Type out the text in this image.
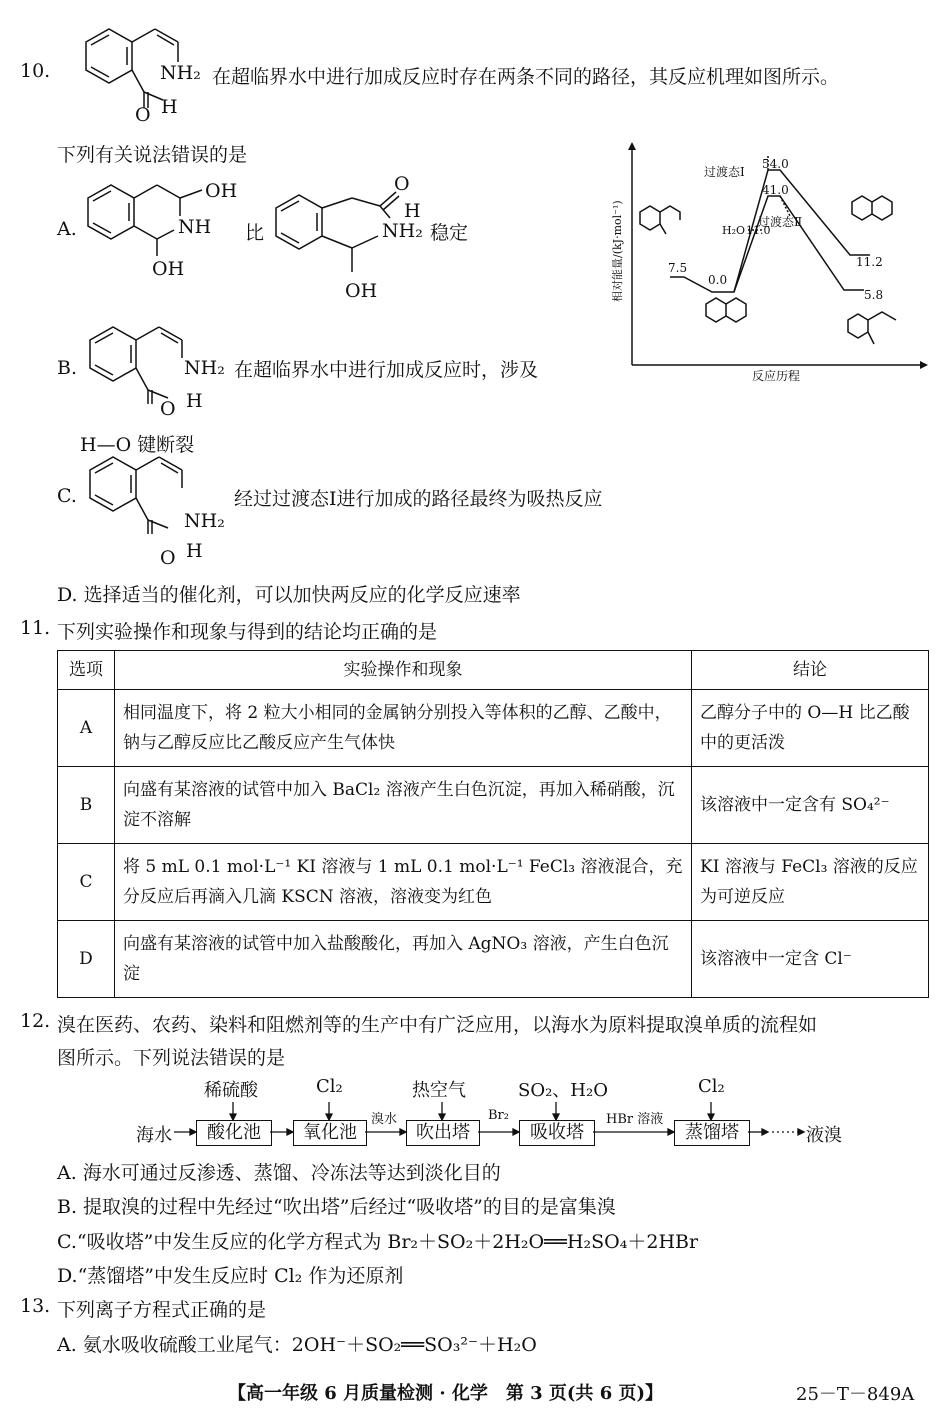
10.	NH₂
O H
在超临界水中进行加成反应时存在两条不同的路径，其反应机理如图所示。
下列有关说法错误的是
A.
OH
NH
OH
比
O
H
NH₂
OH
稳定
B.	NH₂
O H
在超临界水中进行加成反应时，涉及
H—O 键断裂
C.
NH₂
O H
经过过渡态Ⅰ进行加成的路径最终为吸热反应
D. 选择适当的催化剂，可以加快两反应的化学反应速率
相对能量/(kJ·mol⁻¹)
反应历程
过渡态Ⅰ
54.0
41.0
过渡态Ⅱ
H₂O 11.0
7.5
0.0
11.2
5.8
11. 下列实验操作和现象与得到的结论均正确的是
选项	实验操作和现象	结论
A	相同温度下，将 2 粒大小相同的金属钠分别投入等体积的乙醇、乙酸中，钠与乙醇反应比乙酸反应产生气体快	乙醇分子中的 O—H 比乙酸中的更活泼
B	向盛有某溶液的试管中加入 BaCl₂ 溶液产生白色沉淀，再加入稀硝酸，沉淀不溶解	该溶液中一定含有 SO₄²⁻
C	将 5 mL 0.1 mol·L⁻¹ KI 溶液与 1 mL 0.1 mol·L⁻¹ FeCl₃ 溶液混合，充分反应后再滴入几滴 KSCN 溶液，溶液变为红色	KI 溶液与 FeCl₃ 溶液的反应为可逆反应
D	向盛有某溶液的试管中加入盐酸酸化，再加入 AgNO₃ 溶液，产生白色沉淀	该溶液中一定含 Cl⁻
12. 溴在医药、农药、染料和阻燃剂等的生产中有广泛应用，以海水为原料提取溴单质的流程如
图所示。下列说法错误的是
海水	液溴
酸化池	氧化池	吹出塔	吸收塔	蒸馏塔
稀硫酸	Cl₂	热空气	SO₂、H₂O	Cl₂
溴水	Br₂	HBr 溶液
A. 海水可通过反渗透、蒸馏、冷冻法等达到淡化目的
B. 提取溴的过程中先经过“吹出塔”后经过“吸收塔”的目的是富集溴
C.“吸收塔”中发生反应的化学方程式为 Br₂＋SO₂＋2H₂O══H₂SO₄＋2HBr
D.“蒸馏塔”中发生反应时 Cl₂ 作为还原剂
13. 下列离子方程式正确的是
A. 氨水吸收硫酸工业尾气：2OH⁻＋SO₂══SO₃²⁻＋H₂O
【高一年级 6 月质量检测 · 化学　第 3 页(共 6 页)】	25－T－849A
